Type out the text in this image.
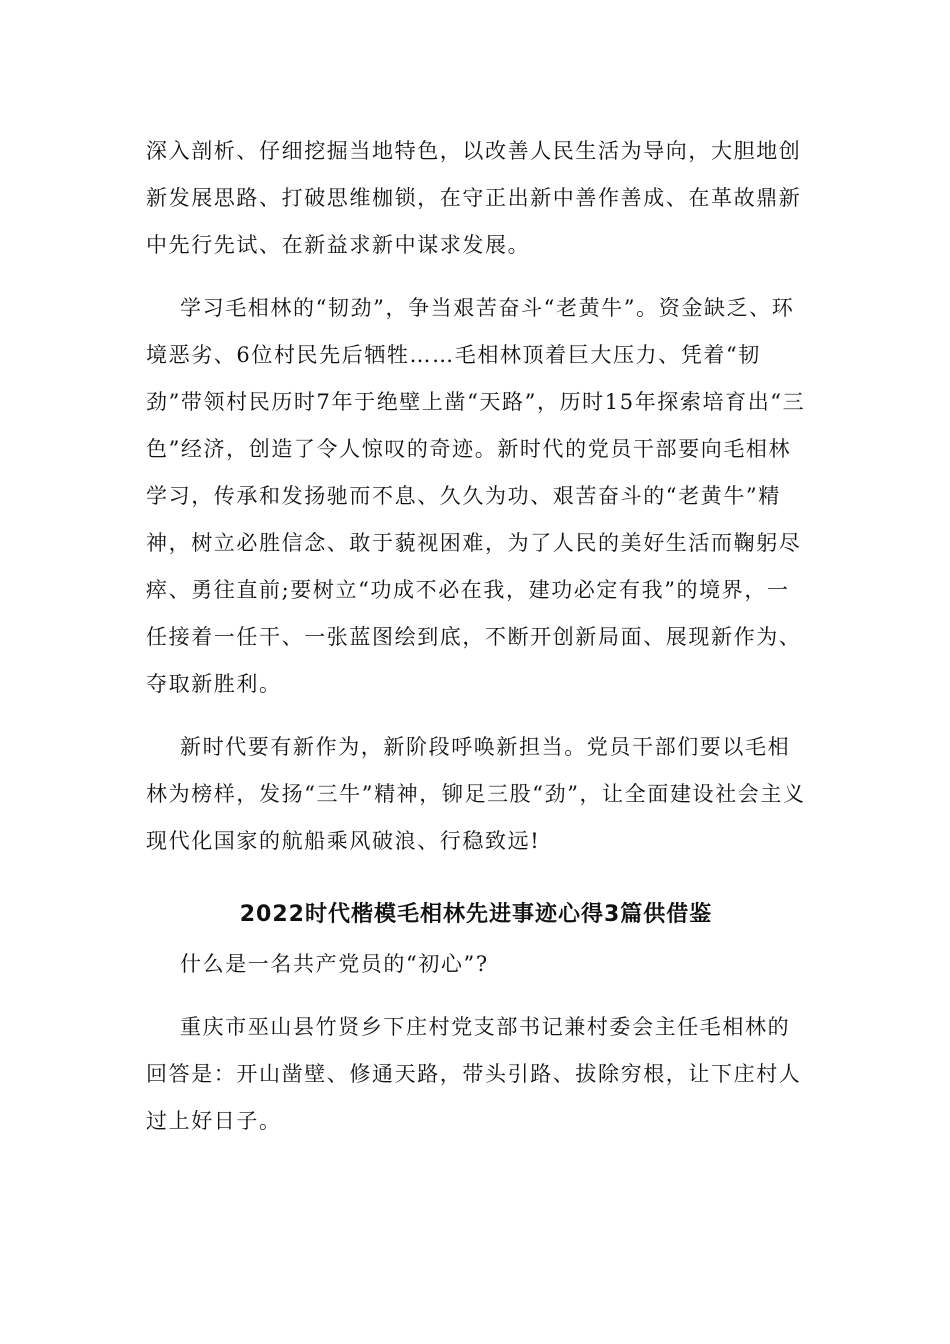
深入剖析、仔细挖掘当地特色，以改善人民生活为导向，大胆地创新发展思路、打破思维枷锁，在守正出新中善作善成、在革故鼎新中先行先试、在新益求新中谋求发展。

学习毛相林的“韧劲”，争当艰苦奋斗“老黄牛”。资金缺乏、环境恶劣、6位村民先后牺牲……毛相林顶着巨大压力、凭着“韧劲”带领村民历时7年于绝壁上凿“天路”，历时15年探索培育出“三色”经济，创造了令人惊叹的奇迹。新时代的党员干部要向毛相林学习，传承和发扬驰而不息、久久为功、艰苦奋斗的“老黄牛”精神，树立必胜信念、敢于藐视困难，为了人民的美好生活而鞠躬尽瘁、勇往直前;要树立“功成不必在我，建功必定有我”的境界，一任接着一任干、一张蓝图绘到底，不断开创新局面、展现新作为、夺取新胜利。

新时代要有新作为，新阶段呼唤新担当。党员干部们要以毛相林为榜样，发扬“三牛”精神，铆足三股“劲”，让全面建设社会主义现代化国家的航船乘风破浪、行稳致远!

2022时代楷模毛相林先进事迹心得3篇供借鉴

什么是一名共产党员的“初心”?

重庆市巫山县竹贤乡下庄村党支部书记兼村委会主任毛相林的回答是：开山凿壁、修通天路，带头引路、拔除穷根，让下庄村人过上好日子。
